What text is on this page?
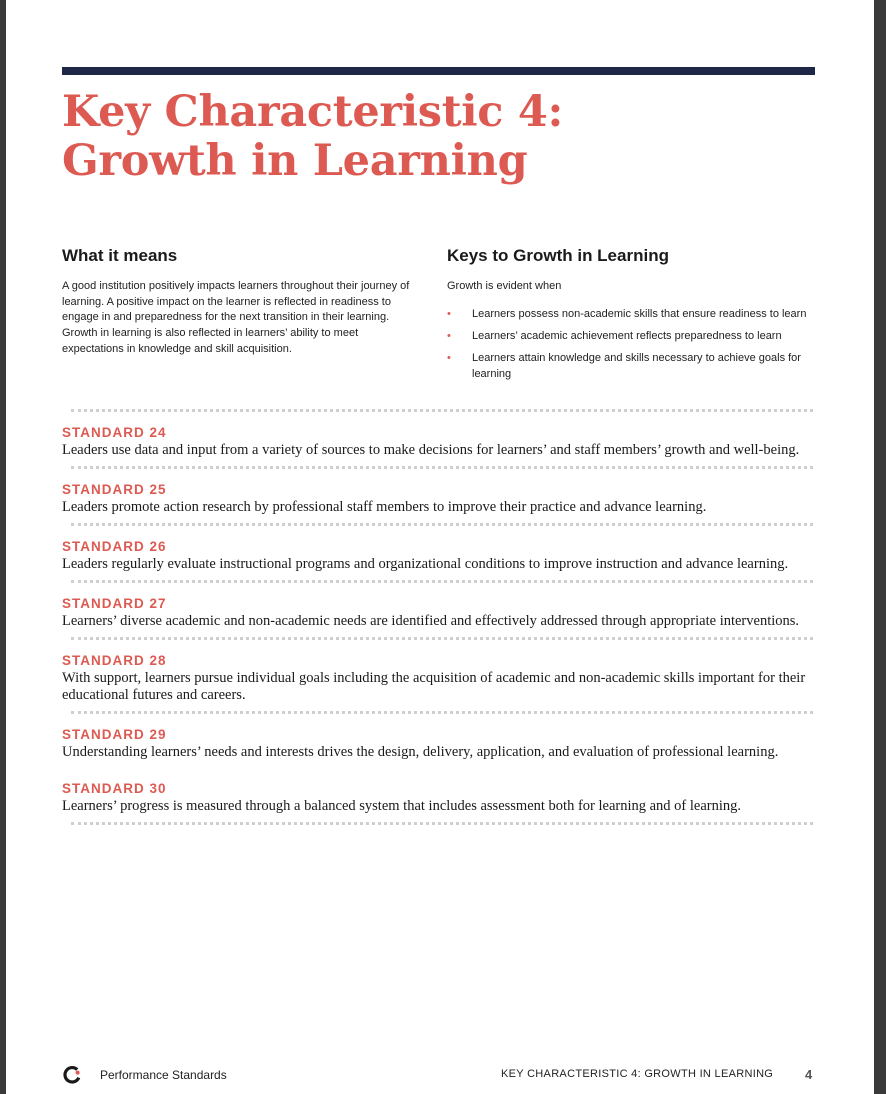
Key Characteristic 4:
Growth in Learning
What it means
A good institution positively impacts learners throughout their journey of learning. A positive impact on the learner is reflected in readiness to engage in and preparedness for the next transition in their learning. Growth in learning is also reflected in learners’ ability to meet expectations in knowledge and skill acquisition.
Keys to Growth in Learning
Growth is evident when
• Learners possess non-academic skills that ensure readiness to learn
• Learners’ academic achievement reflects preparedness to learn
• Learners attain knowledge and skills necessary to achieve goals for learning
STANDARD 24
Leaders use data and input from a variety of sources to make decisions for learners’ and staff members’ growth and well-being.
STANDARD 25
Leaders promote action research by professional staff members to improve their practice and advance learning.
STANDARD 26
Leaders regularly evaluate instructional programs and organizational conditions to improve instruction and advance learning.
STANDARD 27
Learners’ diverse academic and non-academic needs are identified and effectively addressed through appropriate interventions.
STANDARD 28
With support, learners pursue individual goals including the acquisition of academic and non-academic skills important for their educational futures and careers.
STANDARD 29
Understanding learners’ needs and interests drives the design, delivery, application, and evaluation of professional learning.
STANDARD 30
Learners’ progress is measured through a balanced system that includes assessment both for learning and of learning.
Performance Standards	KEY CHARACTERISTIC 4: GROWTH IN LEARNING 4
